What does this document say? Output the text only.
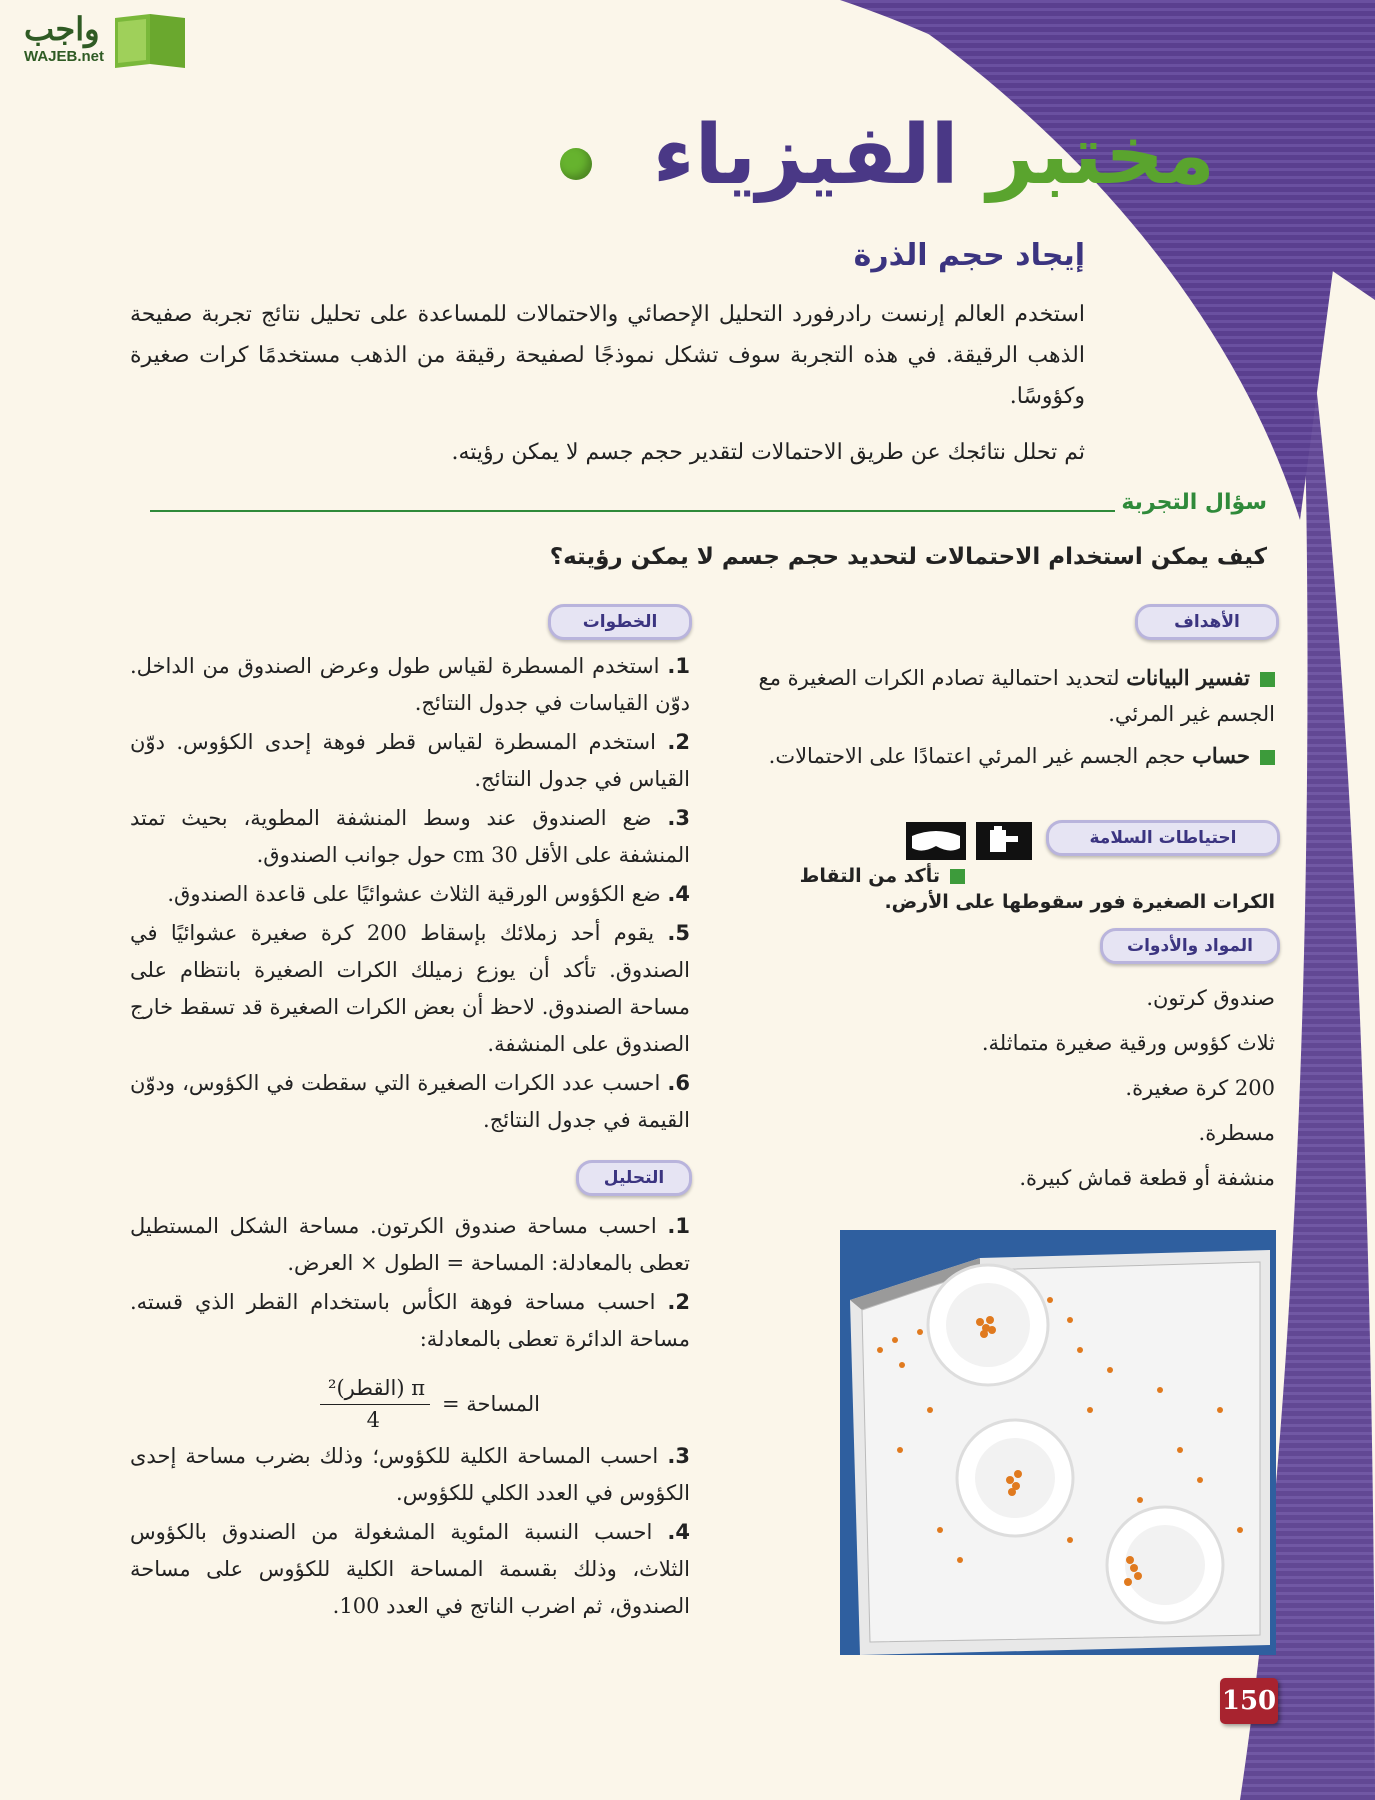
واجب
WAJEB.net
مختبر الفيزياء
إيجاد حجم الذرة
استخدم العالم إرنست رادرفورد التحليل الإحصائي والاحتمالات للمساعدة على تحليل نتائج تجربة صفيحة الذهب الرقيقة. في هذه التجربة سوف تشكل نموذجًا لصفيحة رقيقة من الذهب مستخدمًا كرات صغيرة وكؤوسًا.
ثم تحلل نتائجك عن طريق الاحتمالات لتقدير حجم جسم لا يمكن رؤيته.
سؤال التجربة
كيف يمكن استخدام الاحتمالات لتحديد حجم جسم لا يمكن رؤيته؟
الأهداف
تفسير البيانات لتحديد احتمالية تصادم الكرات الصغيرة مع الجسم غير المرئي.
حساب حجم الجسم غير المرئي اعتمادًا على الاحتمالات.
احتياطات السلامة
تأكد من التقاط
الكرات الصغيرة فور سقوطها على الأرض.
المواد والأدوات
صندوق كرتون.
ثلاث كؤوس ورقية صغيرة متماثلة.
200 كرة صغيرة.
مسطرة.
منشفة أو قطعة قماش كبيرة.
الخطوات
1. استخدم المسطرة لقياس طول وعرض الصندوق من الداخل. دوّن القياسات في جدول النتائج.
2. استخدم المسطرة لقياس قطر فوهة إحدى الكؤوس. دوّن القياس في جدول النتائج.
3. ضع الصندوق عند وسط المنشفة المطوية، بحيث تمتد المنشفة على الأقل 30 cm حول جوانب الصندوق.
4. ضع الكؤوس الورقية الثلاث عشوائيًا على قاعدة الصندوق.
5. يقوم أحد زملائك بإسقاط 200 كرة صغيرة عشوائيًا في الصندوق. تأكد أن يوزع زميلك الكرات الصغيرة بانتظام على مساحة الصندوق. لاحظ أن بعض الكرات الصغيرة قد تسقط خارج الصندوق على المنشفة.
6. احسب عدد الكرات الصغيرة التي سقطت في الكؤوس، ودوّن القيمة في جدول النتائج.
التحليل
1. احسب مساحة صندوق الكرتون. مساحة الشكل المستطيل تعطى بالمعادلة: المساحة = الطول × العرض.
2. احسب مساحة فوهة الكأس باستخدام القطر الذي قسته. مساحة الدائرة تعطى بالمعادلة:
المساحة =
π (القطر)²
4
3. احسب المساحة الكلية للكؤوس؛ وذلك بضرب مساحة إحدى الكؤوس في العدد الكلي للكؤوس.
4. احسب النسبة المئوية المشغولة من الصندوق بالكؤوس الثلاث، وذلك بقسمة المساحة الكلية للكؤوس على مساحة الصندوق، ثم اضرب الناتج في العدد 100.
150
